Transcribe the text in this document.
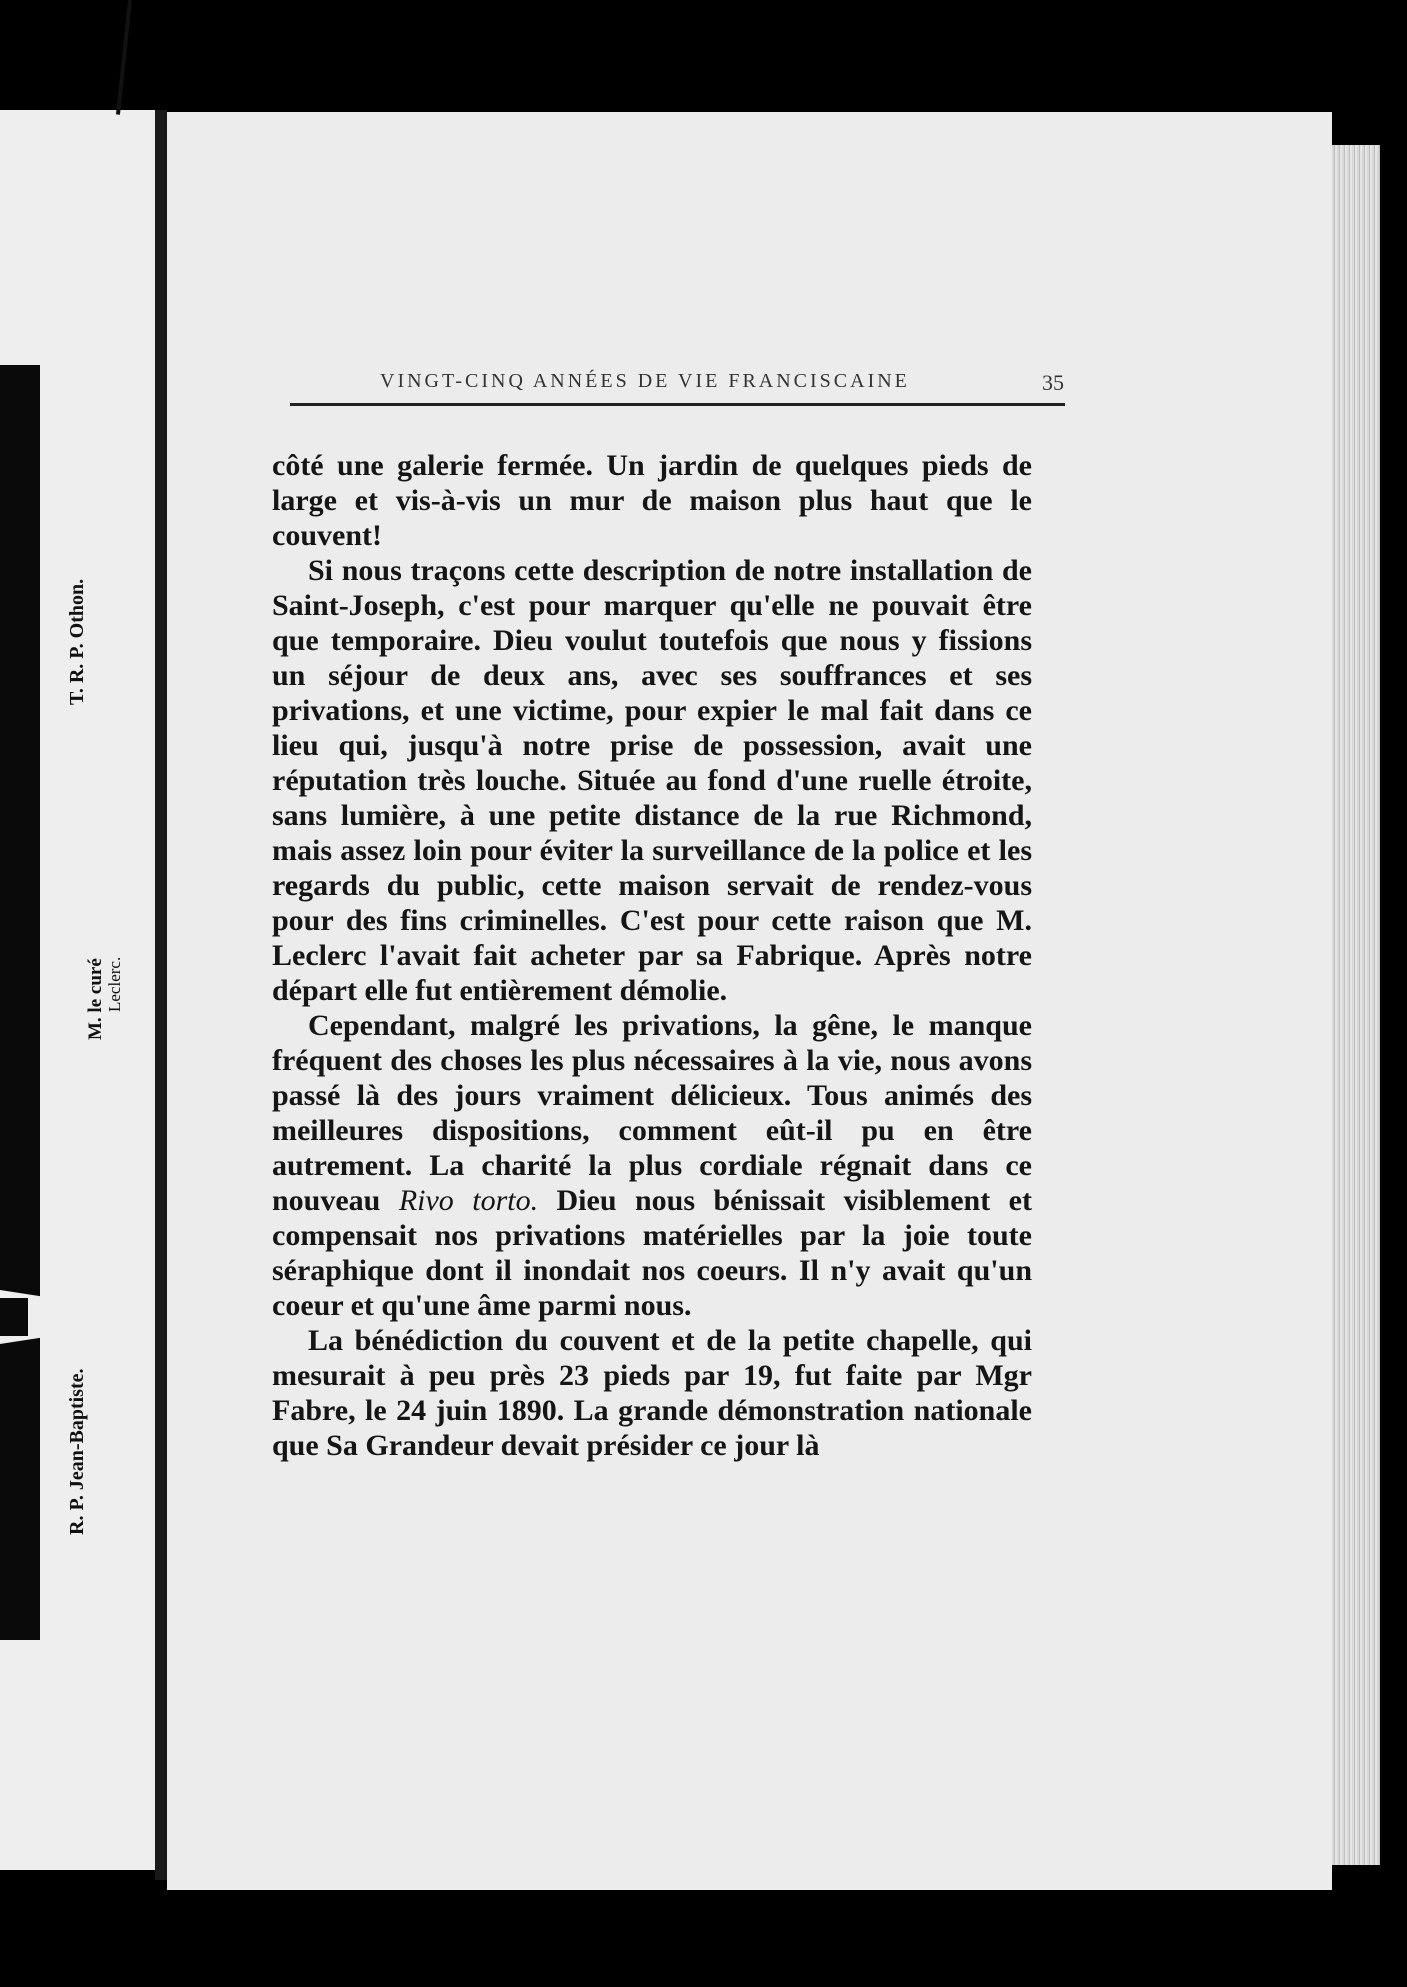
T. R. P. Othon.
M. le curé Leclerc.
R. P. Jean-Baptiste.
VINGT-CINQ ANNÉES DE VIE FRANCISCAINE	35

côté une galerie fermée. Un jardin de quelques pieds de large et vis-à-vis un mur de maison plus haut que le couvent!

Si nous traçons cette description de notre installation de Saint-Joseph, c'est pour marquer qu'elle ne pouvait être que temporaire. Dieu voulut toutefois que nous y fissions un séjour de deux ans, avec ses souffrances et ses privations, et une victime, pour expier le mal fait dans ce lieu qui, jusqu'à notre prise de possession, avait une réputation très louche. Située au fond d'une ruelle étroite, sans lumière, à une petite distance de la rue Richmond, mais assez loin pour éviter la surveillance de la police et les regards du public, cette maison servait de rendez-vous pour des fins criminelles. C'est pour cette raison que M. Leclerc l'avait fait acheter par sa Fabrique. Après notre départ elle fut entièrement démolie.

Cependant, malgré les privations, la gêne, le manque fréquent des choses les plus nécessaires à la vie, nous avons passé là des jours vraiment délicieux. Tous animés des meilleures dispositions, comment eût-il pu en être autrement. La charité la plus cordiale régnait dans ce nouveau Rivo torto. Dieu nous bénissait visiblement et compensait nos privations matérielles par la joie toute séraphique dont il inondait nos coeurs. Il n'y avait qu'un coeur et qu'une âme parmi nous.

La bénédiction du couvent et de la petite chapelle, qui mesurait à peu près 23 pieds par 19, fut faite par Mgr Fabre, le 24 juin 1890. La grande démonstration nationale que Sa Grandeur devait présider ce jour là
